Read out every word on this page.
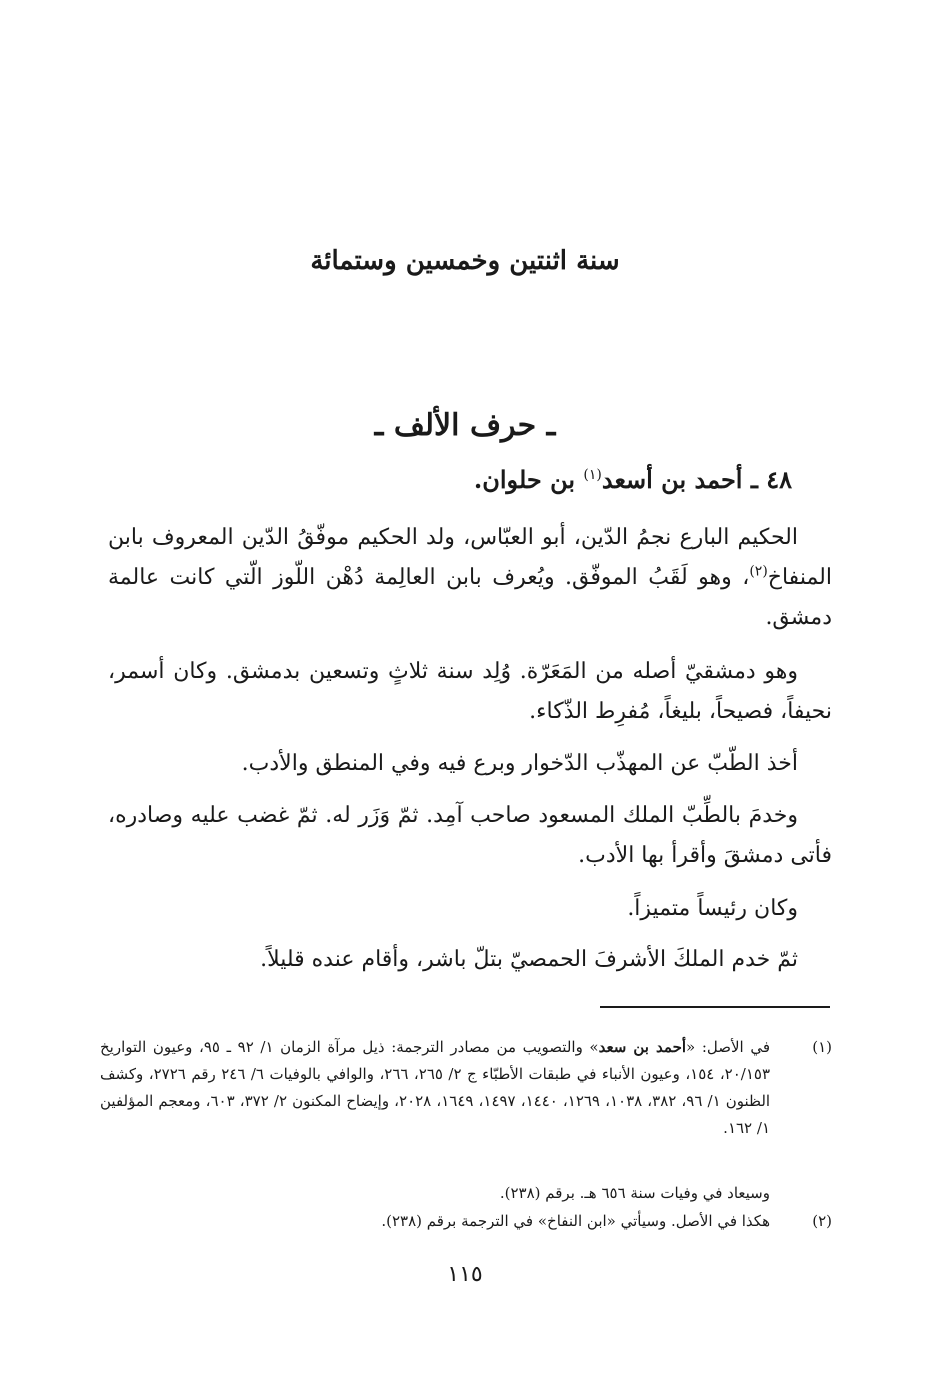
سنة اثنتين وخمسين وستمائة
ـ حرف الألف ـ
٤٨ ـ أحمد بن أسعد$^{(١)}$ بن حلوان.
الحكيم البارع نجمُ الدّين، أبو العبّاس، ولد الحكيم موفّقُ الدّين المعروف بابن المنفاخ$^{(٢)}$، وهو لَقَبُ الموفّق. ويُعرف بابن العالِمة دُهْن اللّوز الّتي كانت عالمة دمشق.
وهو دمشقيّ أصله من المَعَرّة. وُلِد سنة ثلاثٍ وتسعين بدمشق. وكان أسمر، نحيفاً، فصيحاً، بليغاً، مُفرِط الذّكاء.
أخذ الطّبّ عن المهذّب الدّخوار وبرع فيه وفي المنطق والأدب.
وخدمَ بالطِّبّ الملك المسعود صاحب آمِد. ثمّ وَزَر له. ثمّ غضب عليه وصادره، فأتى دمشقَ وأقرأ بها الأدب.
وكان رئيساً متميزاً.
ثمّ خدم الملكَ الأشرفَ الحمصيّ بتلّ باشر، وأقام عنده قليلاً.
(١)
في الأصل: «أحمد بن سعد» والتصويب من مصادر الترجمة: ذيل مرآة الزمان ١/ ٩٢ ـ ٩٥، وعيون التواريخ ٢٠/١٥٣، ١٥٤، وعيون الأنباء في طبقات الأطبّاء ج ٢/ ٢٦٥، ٢٦٦، والوافي بالوفيات ٦/ ٢٤٦ رقم ٢٧٢٦، وكشف الظنون ١/ ٩٦، ٣٨٢، ١٠٣٨، ١٢٦٩، ١٤٤٠، ١٤٩٧، ١٦٤٩، ٢٠٢٨، وإيضاح المكنون ٢/ ٣٧٢، ٦٠٣، ومعجم المؤلفين ١/ ١٦٢.
وسيعاد في وفيات سنة ٦٥٦ هـ. برقم (٢٣٨).
(٢)
هكذا في الأصل. وسيأتي «ابن النفاخ» في الترجمة برقم (٢٣٨).
١١٥
